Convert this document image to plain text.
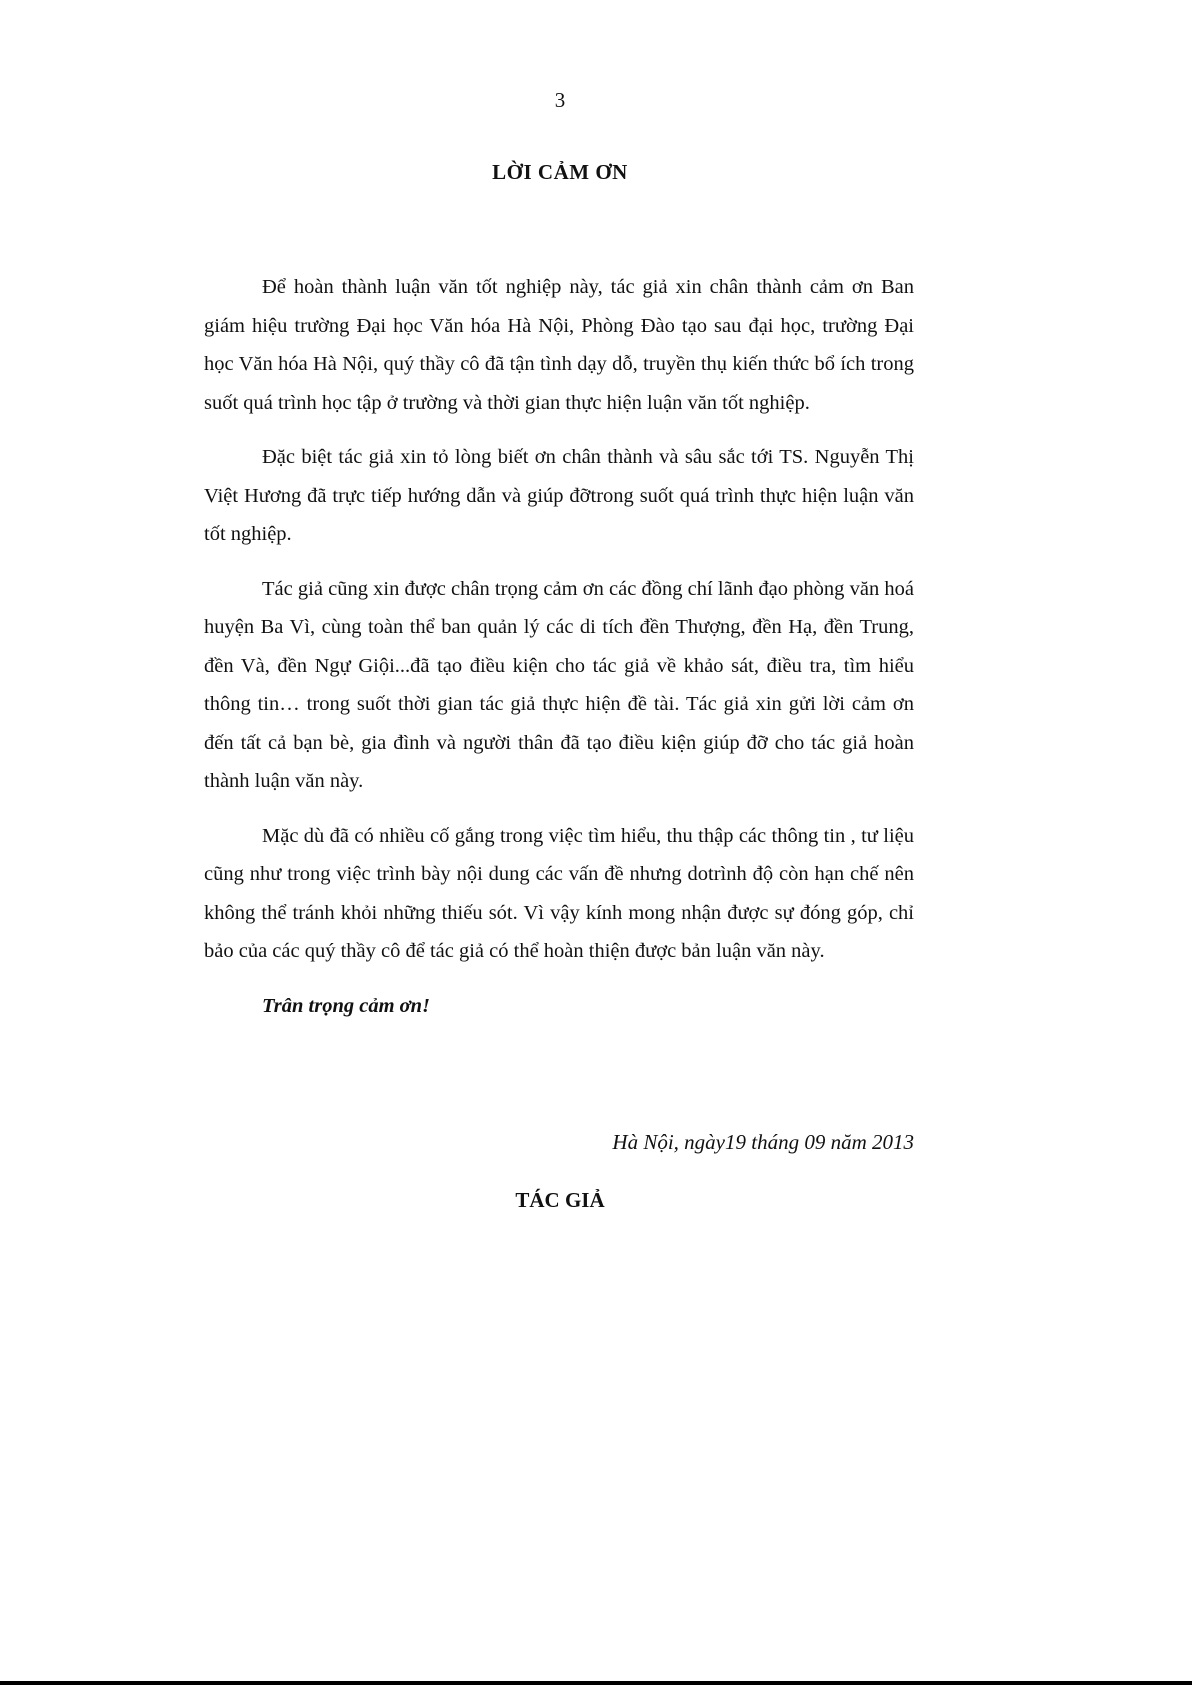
3
LỜI CẢM ƠN

Để hoàn thành luận văn tốt nghiệp này, tác giả xin chân thành cảm ơn Ban giám hiệu trường Đại học Văn hóa Hà Nội, Phòng Đào tạo sau đại học, trường Đại học Văn hóa Hà Nội, quý thầy cô đã tận tình dạy dỗ, truyền thụ kiến thức bổ ích trong suốt quá trình học tập ở trường và thời gian thực hiện luận văn tốt nghiệp.

Đặc biệt tác giả xin tỏ lòng biết ơn chân thành và sâu sắc tới TS. Nguyễn Thị Việt Hương đã trực tiếp hướng dẫn và giúp đỡtrong suốt quá trình thực hiện luận văn tốt nghiệp.

Tác giả cũng xin được chân trọng cảm ơn các đồng chí lãnh đạo phòng văn hoá huyện Ba Vì, cùng toàn thể ban quản lý các di tích đền Thượng, đền Hạ, đền Trung, đền Và, đền Ngự Giội...đã tạo điều kiện cho tác giả về khảo sát, điều tra, tìm hiểu thông tin… trong suốt thời gian tác giả thực hiện đề tài. Tác giả xin gửi lời cảm ơn đến tất cả bạn bè, gia đình và người thân đã tạo điều kiện giúp đỡ cho tác giả hoàn thành luận văn này.

Mặc dù đã có nhiều cố gắng trong việc tìm hiểu, thu thập các thông tin , tư liệu cũng như trong việc trình bày nội dung các vấn đề nhưng dotrình độ còn hạn chế nên không thể tránh khỏi những thiếu sót. Vì vậy kính mong nhận được sự đóng góp, chỉ bảo của các quý thầy cô để tác giả có thể hoàn thiện được bản luận văn này.

Trân trọng cảm ơn!

Hà Nội, ngày19 tháng 09 năm 2013
TÁC GIẢ
